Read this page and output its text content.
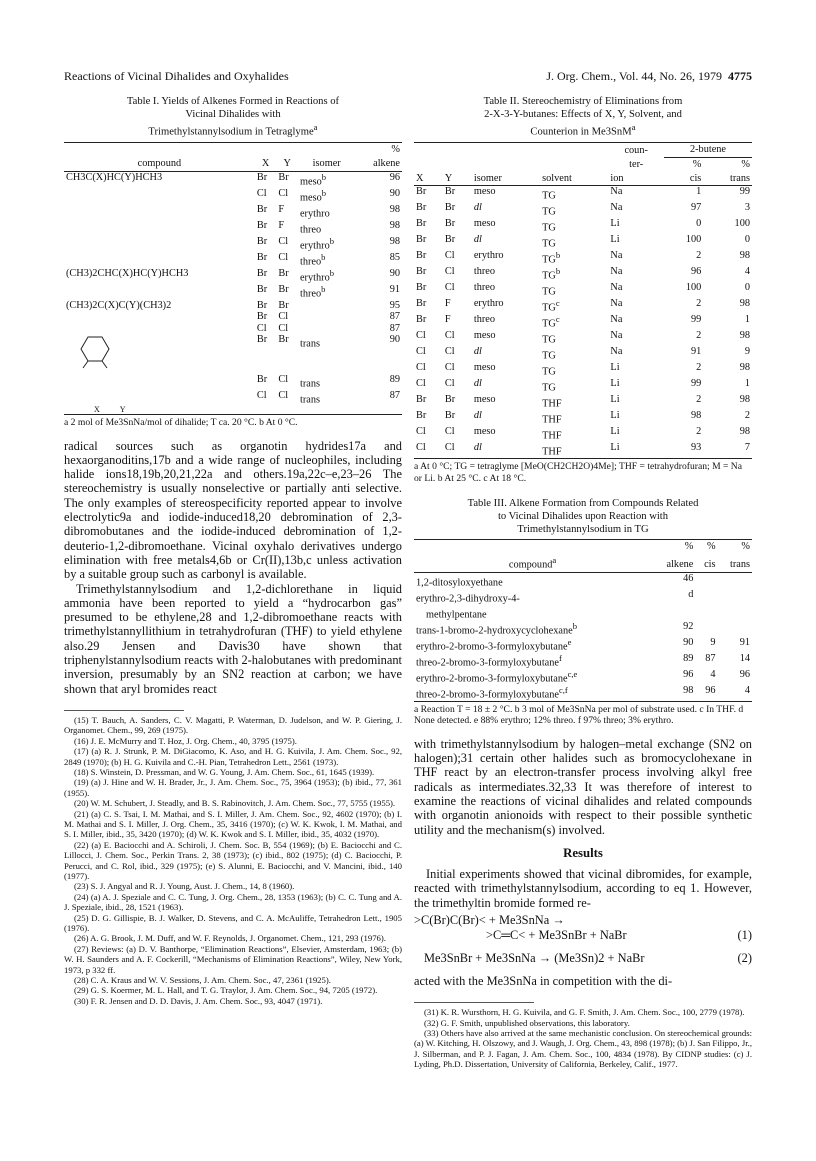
Reactions of Vicinal Dihalides and Oxyhalides	J. Org. Chem., Vol. 44, No. 26, 1979 4775
Table I. Yields of Alkenes Formed in Reactions of
Vicinal Dihalides with
Trimethylstannylsodium in Tetraglyme$^a$
				%
compound	X	Y	isomer	alkene
CH3C(X)HC(Y)HCH3	Br	Br	meso$^b$	96
	Cl	Cl	meso$^b$	90
	Br	F	erythro	98
	Br	F	threo	98
	Br	Cl	erythro$^b$	98
	Br	Cl	threo$^b$	85
(CH3)2CHC(X)HC(Y)HCH3	Br	Br	erythro$^b$	90
	Br	Br	threo$^b$	91
(CH3)2C(X)C(Y)(CH3)2	Br	Br		95
	Br	Cl		87
	Cl	Cl		87
	Br	Br	trans	90
	Br	Cl	trans	89
	Cl	Cl	trans	87
X Y				
a 2 mol of Me3SnNa/mol of dihalide; T ca. 20 °C. b At 0 °C.

radical sources such as organotin hydrides17a and hexaorganoditins,17b and a wide range of nucleophiles, including halide ions18,19b,20,21,22a and others.19a,22c–e,23–26 The stereochemistry is usually nonselective or partially anti selective. The only examples of stereospecificity reported appear to involve electrolytic9a and iodide-induced18,20 debromination of 2,3-dibromobutanes and the iodide-induced debromination of 1,2-deuterio-1,2-dibromoethane. Vicinal oxyhalo derivatives undergo elimination with free metals4,6b or Cr(II),13b,c unless activation by a suitable group such as carbonyl is available.

Trimethylstannylsodium and 1,2-dichlorethane in liquid ammonia have been reported to yield a “hydrocarbon gas” presumed to be ethylene,28 and 1,2-dibromoethane reacts with trimethylstannyllithium in tetrahydrofuran (THF) to yield ethylene also.29 Jensen and Davis30 have shown that triphenylstannylsodium reacts with 2-halobutanes with predominant inversion, presumably by an SN2 reaction at carbon; we have shown that aryl bromides react

(15) T. Bauch, A. Sanders, C. V. Magatti, P. Waterman, D. Judelson, and W. P. Giering, J. Organomet. Chem., 99, 269 (1975).
(16) J. E. McMurry and T. Hoz, J. Org. Chem., 40, 3795 (1975).
(17) (a) R. J. Strunk, P. M. DiGiacomo, K. Aso, and H. G. Kuivila, J. Am. Chem. Soc., 92, 2849 (1970); (b) H. G. Kuivila and C.-H. Pian, Tetrahedron Lett., 2561 (1973).
(18) S. Winstein, D. Pressman, and W. G. Young, J. Am. Chem. Soc., 61, 1645 (1939).
(19) (a) J. Hine and W. H. Brader, Jr., J. Am. Chem. Soc., 75, 3964 (1953); (b) ibid., 77, 361 (1955).
(20) W. M. Schubert, J. Steadly, and B. S. Rabinovitch, J. Am. Chem. Soc., 77, 5755 (1955).
(21) (a) C. S. Tsai, I. M. Mathai, and S. I. Miller, J. Am. Chem. Soc., 92, 4602 (1970); (b) I. M. Mathai and S. I. Miller, J. Org. Chem., 35, 3416 (1970); (c) W. K. Kwok, I. M. Mathai, and S. I. Miller, ibid., 35, 3420 (1970); (d) W. K. Kwok and S. I. Miller, ibid., 35, 4032 (1970).
(22) (a) E. Baciocchi and A. Schiroli, J. Chem. Soc. B, 554 (1969); (b) E. Baciocchi and C. Lillocci, J. Chem. Soc., Perkin Trans. 2, 38 (1973); (c) ibid., 802 (1975); (d) C. Baciocchi, P. Perucci, and C. Rol, ibid., 329 (1975); (e) S. Alunni, E. Baciocchi, and V. Mancini, ibid., 140 (1977).
(23) S. J. Angyal and R. J. Young, Aust. J. Chem., 14, 8 (1960).
(24) (a) A. J. Speziale and C. C. Tung, J. Org. Chem., 28, 1353 (1963); (b) C. C. Tung and A. J. Speziale, ibid., 28, 1521 (1963).
(25) D. G. Gillispie, B. J. Walker, D. Stevens, and C. A. McAuliffe, Tetrahedron Lett., 1905 (1976).
(26) A. G. Brook, J. M. Duff, and W. F. Reynolds, J. Organomet. Chem., 121, 293 (1976).
(27) Reviews: (a) D. V. Banthorpe, “Elimination Reactions”, Elsevier, Amsterdam, 1963; (b) W. H. Saunders and A. F. Cockerill, “Mechanisms of Elimination Reactions”, Wiley, New York, 1973, p 332 ff.
(28) C. A. Kraus and W. V. Sessions, J. Am. Chem. Soc., 47, 2361 (1925).
(29) G. S. Koermer, M. L. Hall, and T. G. Traylor, J. Am. Chem. Soc., 94, 7205 (1972).
(30) F. R. Jensen and D. D. Davis, J. Am. Chem. Soc., 93, 4047 (1971).
Table II. Stereochemistry of Eliminations from
2-X-3-Y-butanes: Effects of X, Y, Solvent, and
Counterion in Me3SnM$^a$
				coun-	2-butene	
				ter-	%	%
X	Y	isomer	solvent	ion	cis	trans
Br	Br	meso	TG	Na	1	99
Br	Br	dl	TG	Na	97	3
Br	Br	meso	TG	Li	0	100
Br	Br	dl	TG	Li	100	0
Br	Cl	erythro	$TG^b$	Na	2	98
Br	Cl	threo	$TG^b$	Na	96	4
Br	Cl	threo	TG	Na	100	0
Br	F	erythro	$TG^c$	Na	2	98
Br	F	threo	$TG^c$	Na	99	1
Cl	Cl	meso	TG	Na	2	98
Cl	Cl	dl	TG	Na	91	9
Cl	Cl	meso	TG	Li	2	98
Cl	Cl	dl	TG	Li	99	1
Br	Br	meso	THF	Li	2	98
Br	Br	dl	THF	Li	98	2
Cl	Cl	meso	THF	Li	2	98
Cl	Cl	dl	THF	Li	93	7
a At 0 °C; TG = tetraglyme [MeO(CH2CH2O)4Me]; THF = tetrahydrofuran; M = Na or Li. b At 25 °C. c At 18 °C.
Table III. Alkene Formation from Compounds Related
to Vicinal Dihalides upon Reaction with
Trimethylstannylsodium in TG
	%	%	%
compound$^a$	alkene	cis	trans
1,2-ditosyloxyethane	46		
erythro-2,3-dihydroxy-4-	d		
methylpentane			
trans-1-bromo-2-hydroxycyclohexane$^b$	92		
erythro-2-bromo-3-formyloxybutane$^e$	90	9	91
threo-2-bromo-3-formyloxybutane$^f$	89	87	14
erythro-2-bromo-3-formyloxybutane$^{c,e}$	96	4	96
threo-2-bromo-3-formyloxybutane$^{c,f}$	98	96	4
a Reaction T = 18 ± 2 °C. b 3 mol of Me3SnNa per mol of substrate used. c In THF. d None detected. e 88% erythro; 12% threo. f 97% threo; 3% erythro.

with trimethylstannylsodium by halogen–metal exchange (SN2 on halogen);31 certain other halides such as bromocyclohexane in THF react by an electron-transfer process involving alkyl free radicals as intermediates.32,33 It was therefore of interest to examine the reactions of vicinal dihalides and related compounds with organotin anionoids with respect to their possible synthetic utility and the mechanism(s) involved.

Results

Initial experiments showed that vicinal dibromides, for example, reacted with trimethylstannylsodium, according to eq 1. However, the trimethyltin bromide formed re-

>C(Br)C(Br)< + Me3SnNa →
>C═C< + Me3SnBr + NaBr	(1)
Me3SnBr + Me3SnNa → (Me3Sn)2 + NaBr	(2)

acted with the Me3SnNa in competition with the di-

(31) K. R. Wursthorn, H. G. Kuivila, and G. F. Smith, J. Am. Chem. Soc., 100, 2779 (1978).
(32) G. F. Smith, unpublished observations, this laboratory.
(33) Others have also arrived at the same mechanistic conclusion. On stereochemical grounds: (a) W. Kitching, H. Olszowy, and J. Waugh, J. Org. Chem., 43, 898 (1978); (b) J. San Filippo, Jr., J. Silberman, and P. J. Fagan, J. Am. Chem. Soc., 100, 4834 (1978). By CIDNP studies: (c) J. Lyding, Ph.D. Dissertation, University of California, Berkeley, Calif., 1977.
